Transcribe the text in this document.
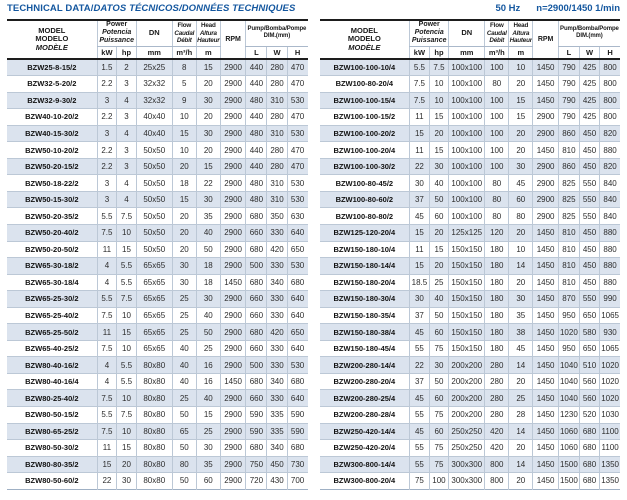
TECHNICAL DATA/DATOS TÉCNICOS/DONNÉES TECHNIQUES	50 Hz n=2900/1450 1/min
MODEL
MODELO
MODÈLE	Power
Potencia
Puissance		DN	Flow
Caudal
Débit	Head
Altura
Hauteur	RPM	Pump/Bomba/Pompe
DIM.(mm)		

	kW	hp	mm	m³/h	m		L	W	H
BZW25-8-15/2	1.5	2	25x25	8	15	2900	440	280	470
BZW32-5-20/2	2.2	3	32x32	5	20	2900	440	280	470
BZW32-9-30/2	3	4	32x32	9	30	2900	480	310	530
BZW40-10-20/2	2.2	3	40x40	10	20	2900	440	280	470
BZW40-15-30/2	3	4	40x40	15	30	2900	480	310	530
BZW50-10-20/2	2.2	3	50x50	10	20	2900	440	280	470
BZW50-20-15/2	2.2	3	50x50	20	15	2900	440	280	470
BZW50-18-22/2	3	4	50x50	18	22	2900	480	310	530
BZW50-15-30/2	3	4	50x50	15	30	2900	480	310	530
BZW50-20-35/2	5.5	7.5	50x50	20	35	2900	680	350	630
BZW50-20-40/2	7.5	10	50x50	20	40	2900	660	330	640
BZW50-20-50/2	11	15	50x50	20	50	2900	680	420	650
BZW65-30-18/2	4	5.5	65x65	30	18	2900	500	330	530
BZW65-30-18/4	4	5.5	65x65	30	18	1450	680	340	680
BZW65-25-30/2	5.5	7.5	65x65	25	30	2900	660	330	640
BZW65-25-40/2	7.5	10	65x65	25	40	2900	660	330	640
BZW65-25-50/2	11	15	65x65	25	50	2900	680	420	650
BZW65-40-25/2	7.5	10	65x65	40	25	2900	660	330	640
BZW80-40-16/2	4	5.5	80x80	40	16	2900	500	330	530
BZW80-40-16/4	4	5.5	80x80	40	16	1450	680	340	680
BZW80-25-40/2	7.5	10	80x80	25	40	2900	660	330	640
BZW80-50-15/2	5.5	7.5	80x80	50	15	2900	590	335	590
BZW80-65-25/2	7.5	10	80x80	65	25	2900	590	335	590
BZW80-50-30/2	11	15	80x80	50	30	2900	680	340	680
BZW80-80-35/2	15	20	80x80	80	35	2900	750	450	730
BZW80-50-60/2	22	30	80x80	50	60	2900	720	430	700
MODEL
MODELO
MODÈLE	Power
Potencia
Puissance		DN	Flow
Caudal
Débit	Head
Altura
Hauteur	RPM	Pump/Bomba/Pompe
DIM.(mm)		

	kW	hp	mm	m³/h	m		L	W	H
BZW100-100-10/4	5.5	7.5	100x100	100	10	1450	790	425	800
BZW100-80-20/4	7.5	10	100x100	80	20	1450	790	425	800
BZW100-100-15/4	7.5	10	100x100	100	15	1450	790	425	800
BZW100-100-15/2	11	15	100x100	100	15	2900	790	425	800
BZW100-100-20/2	15	20	100x100	100	20	2900	860	450	820
BZW100-100-20/4	11	15	100x100	100	20	1450	810	450	880
BZW100-100-30/2	22	30	100x100	100	30	2900	860	450	820
BZW100-80-45/2	30	40	100x100	80	45	2900	825	550	840
BZW100-80-60/2	37	50	100x100	80	60	2900	825	550	840
BZW100-80-80/2	45	60	100x100	80	80	2900	825	550	840
BZW125-120-20/4	15	20	125x125	120	20	1450	810	450	880
BZW150-180-10/4	11	15	150x150	180	10	1450	810	450	880
BZW150-180-14/4	15	20	150x150	180	14	1450	810	450	880
BZW150-180-20/4	18.5	25	150x150	180	20	1450	810	450	880
BZW150-180-30/4	30	40	150x150	180	30	1450	870	550	990
BZW150-180-35/4	37	50	150x150	180	35	1450	950	650	1065
BZW150-180-38/4	45	60	150x150	180	38	1450	1020	580	930
BZW150-180-45/4	55	75	150x150	180	45	1450	950	650	1065
BZW200-280-14/4	22	30	200x200	280	14	1450	1040	510	1020
BZW200-280-20/4	37	50	200x200	280	20	1450	1040	560	1020
BZW200-280-25/4	45	60	200x200	280	25	1450	1040	560	1020
BZW200-280-28/4	55	75	200x200	280	28	1450	1230	520	1030
BZW250-420-14/4	45	60	250x250	420	14	1450	1060	680	1100
BZW250-420-20/4	55	75	250x250	420	20	1450	1060	680	1100
BZW300-800-14/4	55	75	300x300	800	14	1450	1500	680	1350
BZW300-800-20/4	75	100	300x300	800	20	1450	1500	680	1350
